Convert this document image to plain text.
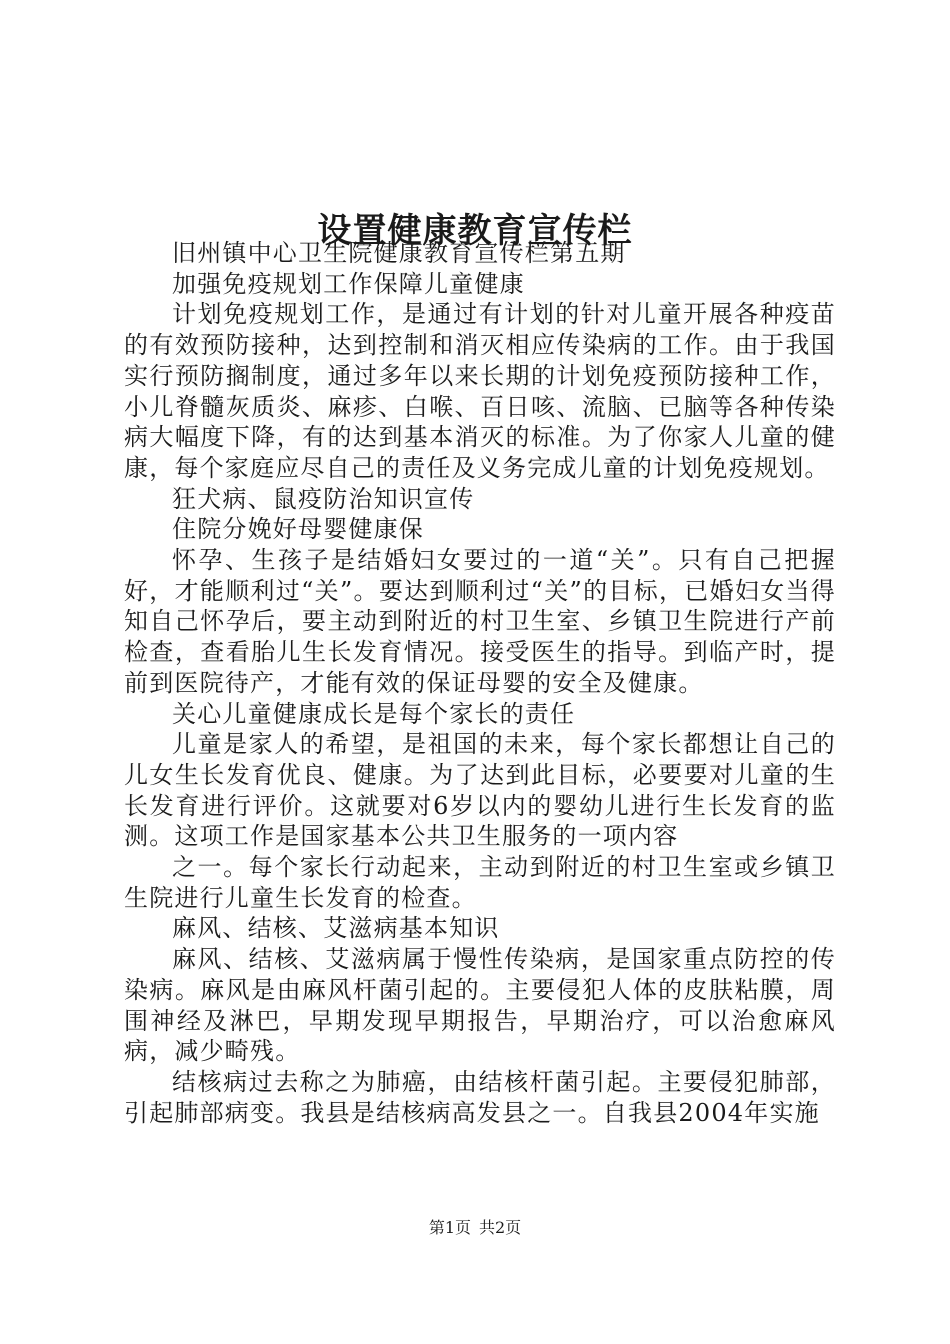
设置健康教育宣传栏

旧州镇中心卫生院健康教育宣传栏第五期

加强免疫规划工作保障儿童健康

计划免疫规划工作，是通过有计划的针对儿童开展各种疫苗的有效预防接种，达到控制和消灭相应传染病的工作。由于我国实行预防搁制度，通过多年以来长期的计划免疫预防接种工作，小儿脊髓灰质炎、麻疹、白喉、百日咳、流脑、已脑等各种传染病大幅度下降，有的达到基本消灭的标准。为了你家人儿童的健康，每个家庭应尽自己的责任及义务完成儿童的计划免疫规划。

狂犬病、鼠疫防治知识宣传

住院分娩好母婴健康保

怀孕、生孩子是结婚妇女要过的一道“关”。只有自己把握好，才能顺利过“关”。要达到顺利过“关”的目标，已婚妇女当得知自己怀孕后，要主动到附近的村卫生室、乡镇卫生院进行产前检查，查看胎儿生长发育情况。接受医生的指导。到临产时，提前到医院待产，才能有效的保证母婴的安全及健康。

关心儿童健康成长是每个家长的责任

儿童是家人的希望，是祖国的未来，每个家长都想让自己的儿女生长发育优良、健康。为了达到此目标，必要要对儿童的生长发育进行评价。这就要对6岁以内的婴幼儿进行生长发育的监测。这项工作是国家基本公共卫生服务的一项内容

之一。每个家长行动起来，主动到附近的村卫生室或乡镇卫生院进行儿童生长发育的检查。

麻风、结核、艾滋病基本知识

麻风、结核、艾滋病属于慢性传染病，是国家重点防控的传染病。麻风是由麻风杆菌引起的。主要侵犯人体的皮肤粘膜，周围神经及淋巴，早期发现早期报告，早期治疗，可以治愈麻风病，减少畸残。

结核病过去称之为肺癌，由结核杆菌引起。主要侵犯肺部，引起肺部病变。我县是结核病高发县之一。自我县2004年实施

第1页 共2页
